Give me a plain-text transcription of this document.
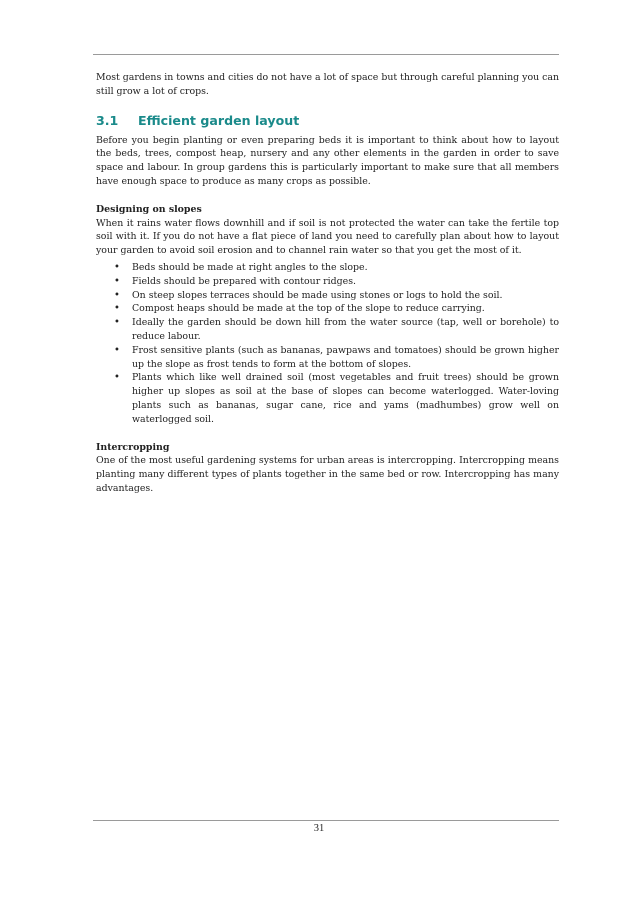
Most gardens in towns and cities do not have a lot of space but through careful planning you can still grow a lot of crops.

3.1	Efficient garden layout

Before you begin planting or even preparing beds it is important to think about how to layout the beds, trees, compost heap, nursery and any other elements in the garden in order to save space and labour. In group gardens this is particularly important to make sure that all members have enough space to produce as many crops as possible.

Designing on slopes

When it rains water flows downhill and if soil is not protected the water can take the fertile top soil with it. If you do not have a flat piece of land you need to carefully plan about how to layout your garden to avoid soil erosion and to channel rain water so that you get the most of it.

• Beds should be made at right angles to the slope.
• Fields should be prepared with contour ridges.
• On steep slopes terraces should be made using stones or logs to hold the soil.
• Compost heaps should be made at the top of the slope to reduce carrying.
• Ideally the garden should be down hill from the water source (tap, well or borehole) to reduce labour.
• Frost sensitive plants (such as bananas, pawpaws and tomatoes) should be grown higher up the slope as frost tends to form at the bottom of slopes.
• Plants which like well drained soil (most vegetables and fruit trees) should be grown higher up slopes as soil at the base of slopes can become waterlogged. Water-loving plants such as bananas, sugar cane, rice and yams (madhumbes) grow well on waterlogged soil.

Intercropping

One of the most useful gardening systems for urban areas is intercropping. Intercropping means planting many different types of plants together in the same bed or row. Intercropping has many advantages.

31
